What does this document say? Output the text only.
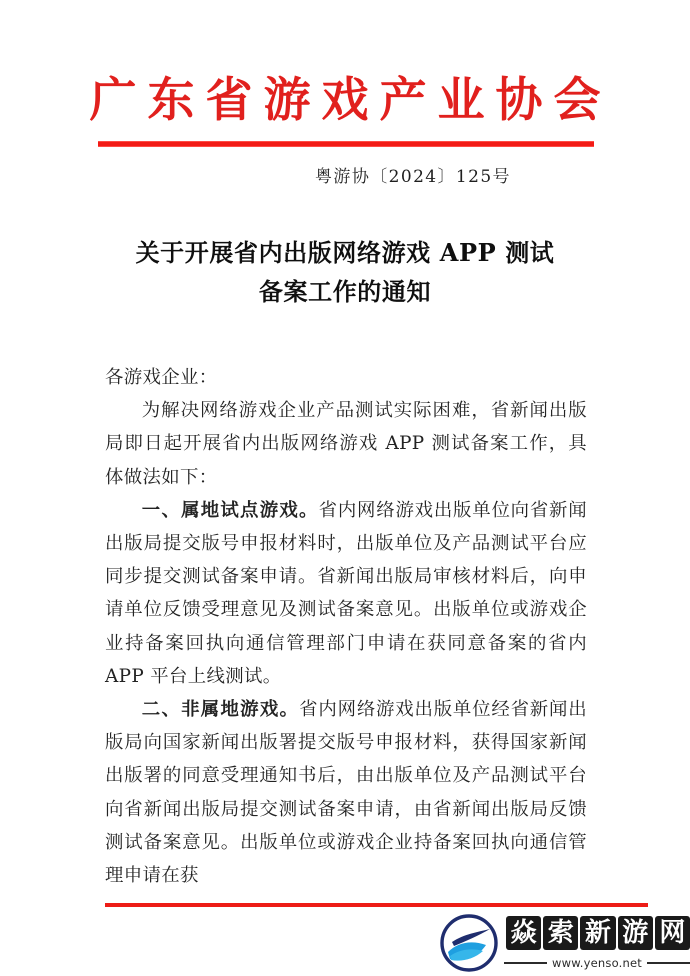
广东省游戏产业协会
粤游协〔2024〕125号
关于开展省内出版网络游戏 APP 测试
备案工作的通知

各游戏企业：

为解决网络游戏企业产品测试实际困难，省新闻出版局即日起开展省内出版网络游戏 APP 测试备案工作，具体做法如下：

一、属地试点游戏。省内网络游戏出版单位向省新闻出版局提交版号申报材料时，出版单位及产品测试平台应同步提交测试备案申请。省新闻出版局审核材料后，向申请单位反馈受理意见及测试备案意见。出版单位或游戏企业持备案回执向通信管理部门申请在获同意备案的省内 APP 平台上线测试。

二、非属地游戏。省内网络游戏出版单位经省新闻出版局向国家新闻出版署提交版号申报材料，获得国家新闻出版署的同意受理通知书后，由出版单位及产品测试平台向省新闻出版局提交测试备案申请，由省新闻出版局反馈测试备案意见。出版单位或游戏企业持备案回执向通信管理申请在获

焱 索 新 游 网
www.yenso.net
